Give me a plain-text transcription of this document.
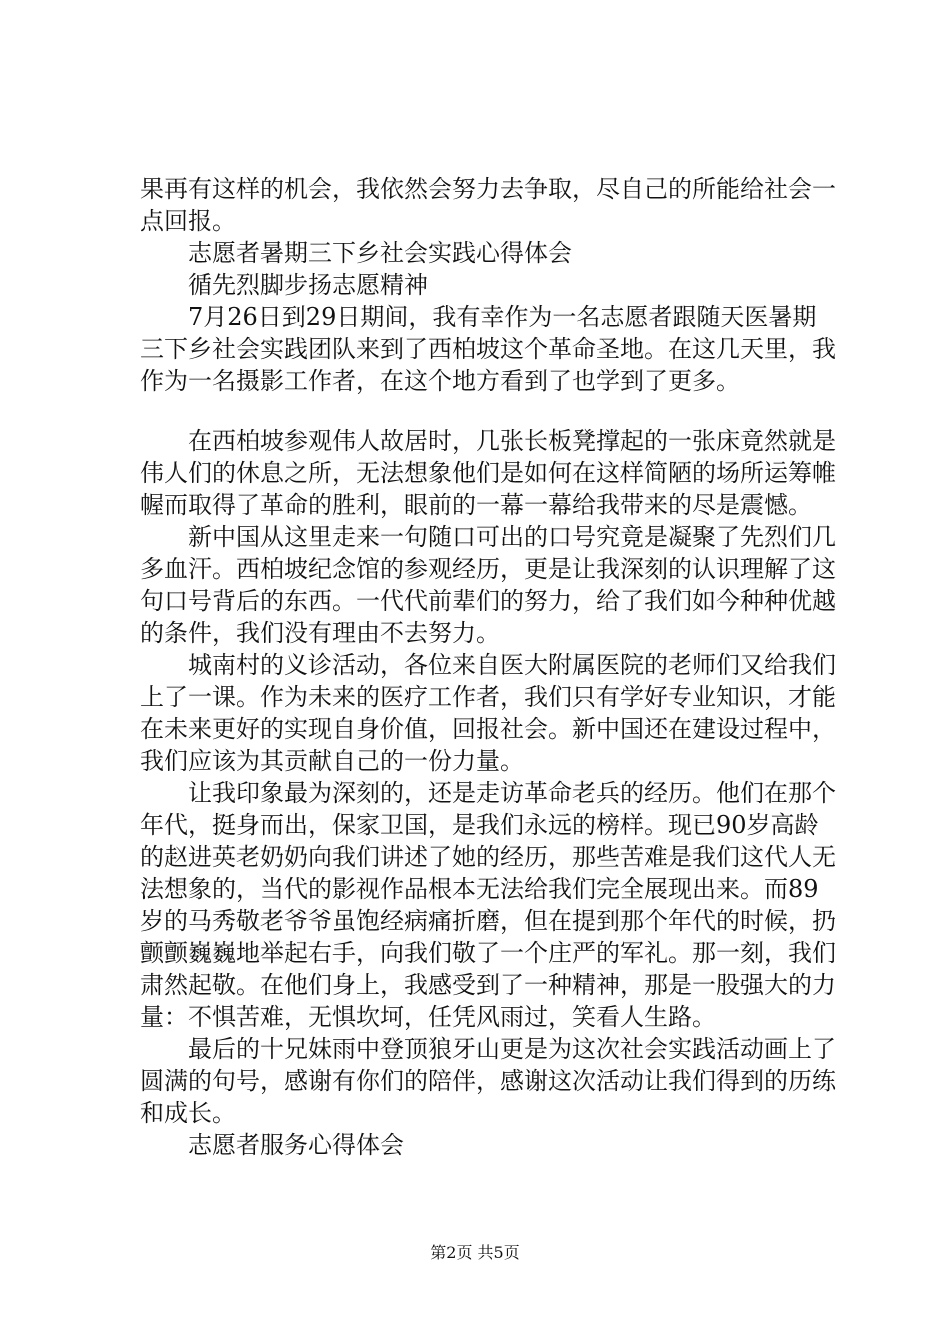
果再有这样的机会，我依然会努力去争取，尽自己的所能给社会一点回报。

志愿者暑期三下乡社会实践心得体会

循先烈脚步扬志愿精神

7月26日到29日期间，我有幸作为一名志愿者跟随天医暑期三下乡社会实践团队来到了西柏坡这个革命圣地。在这几天里，我作为一名摄影工作者，在这个地方看到了也学到了更多。

在西柏坡参观伟人故居时，几张长板凳撑起的一张床竟然就是伟人们的休息之所，无法想象他们是如何在这样简陋的场所运筹帷幄而取得了革命的胜利，眼前的一幕一幕给我带来的尽是震憾。

新中国从这里走来一句随口可出的口号究竟是凝聚了先烈们几多血汗。西柏坡纪念馆的参观经历，更是让我深刻的认识理解了这句口号背后的东西。一代代前辈们的努力，给了我们如今种种优越的条件，我们没有理由不去努力。

城南村的义诊活动，各位来自医大附属医院的老师们又给我们上了一课。作为未来的医疗工作者，我们只有学好专业知识，才能在未来更好的实现自身价值，回报社会。新中国还在建设过程中，我们应该为其贡献自己的一份力量。

让我印象最为深刻的，还是走访革命老兵的经历。他们在那个年代，挺身而出，保家卫国，是我们永远的榜样。现已90岁高龄的赵进英老奶奶向我们讲述了她的经历，那些苦难是我们这代人无法想象的，当代的影视作品根本无法给我们完全展现出来。而89岁的马秀敬老爷爷虽饱经病痛折磨，但在提到那个年代的时候，扔颤颤巍巍地举起右手，向我们敬了一个庄严的军礼。那一刻，我们肃然起敬。在他们身上，我感受到了一种精神，那是一股强大的力量：不惧苦难，无惧坎坷，任凭风雨过，笑看人生路。

最后的十兄妹雨中登顶狼牙山更是为这次社会实践活动画上了圆满的句号，感谢有你们的陪伴，感谢这次活动让我们得到的历练和成长。

志愿者服务心得体会

第2页 共5页
